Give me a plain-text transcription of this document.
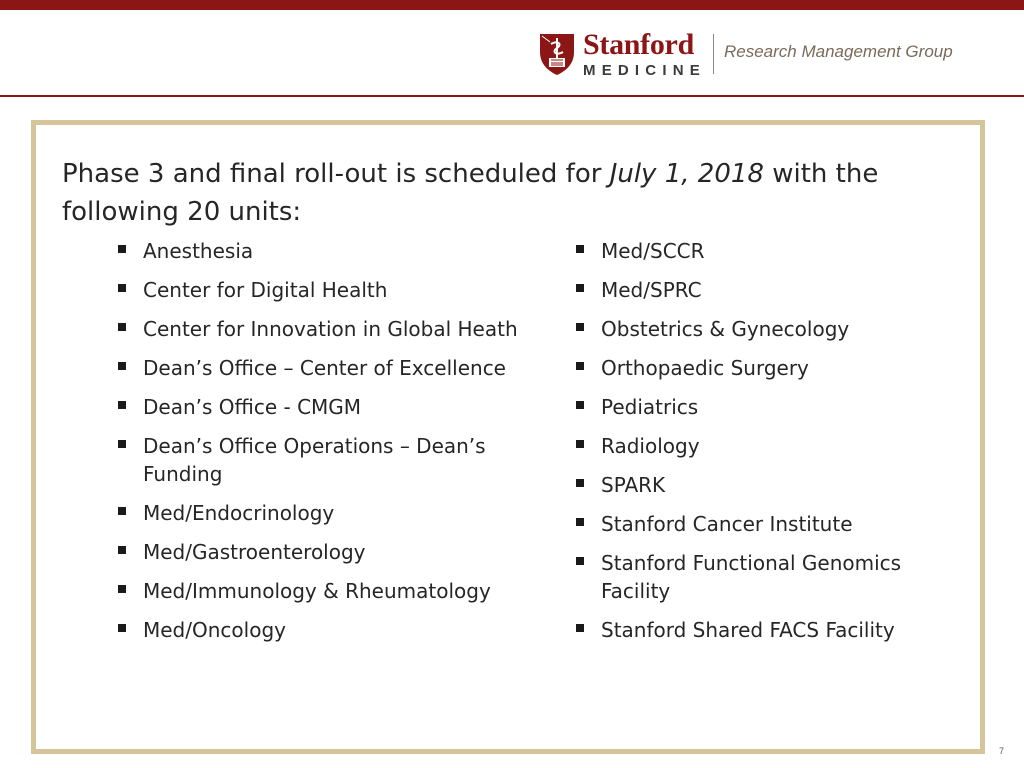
Stanford
MEDICINE
Research Management Group
Phase 3 and final roll-out is scheduled for July 1, 2018 with the following 20 units:
Anesthesia
Center for Digital Health
Center for Innovation in Global Heath
Dean’s Office – Center of Excellence
Dean’s Office - CMGM
Dean’s Office Operations – Dean’s Funding
Med/Endocrinology
Med/Gastroenterology
Med/Immunology & Rheumatology
Med/Oncology
Med/SCCR
Med/SPRC
Obstetrics & Gynecology
Orthopaedic Surgery
Pediatrics
Radiology
SPARK
Stanford Cancer Institute
Stanford Functional Genomics Facility
Stanford Shared FACS Facility
7
